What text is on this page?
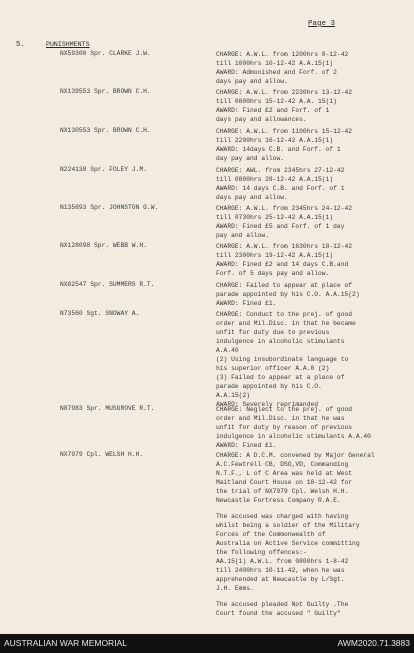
Page 3
5.	PUNISHMENTS
NX59300 Spr. CLARKE J.W.	CHARGE: A.W.L. from 1200hrs 8-12-42
till 1000hrs 10-12-42 A.A.15(1)
AWARD: Admonished and Forf. of 2
days pay and allow.
NX139553 Spr. BROWN C.H.	CHARGE: A.W.L. from 2230hrs 13-12-42
till 0800hrs 15-12-42 A.A. 15(1)
AWARD: Fined £2 and Forf. of 1
days pay and allowances.
NX130553 Spr. BROWN C.H.	CHARGE: A.W.L. from 1100hrs 15-12-42
till 2200hrs 16-12-42 A.A.15(1)
AWARD: 14days C.B. and Forf. of 1
day pay and allow.
N224138 Spr. FOLEY J.M.	CHARGE: AWL. from 2345hrs 27-12-42
till 0800hrs 28-12-42 A.A.15(1)
AWARD: 14 days C.B. and Forf. of 1
days pay and allow.
N135893 Spr. JOHNSTON G.W.	CHARGE: A.W.L. from 2345hrs 24-12-42
till 0730hrs 25-12-42 A.A.15(1)
AWARD: Fined £5 and Forf. of 1 day
pay and allow.
NX128098 Spr. WEBB W.H.	CHARGE: A.W.L. from 1630hrs 18-12-42
till 2300hrs 19-12-42 A.A.15(1)
AWARD: Fined £2 and 14 days C.B.and
Forf. of 5 days pay and allow.
NX82547 Spr. SUMMERS R.T.	CHARGE: Failed to appear at place of
parade appointed by his C.O. A.A.15(2)
AWARD: Fined £1.
N73560 Sgt. SNOWAY A.	CHARGE: Conduct to the prej. of good
order and Mil.Disc. in that he became
unfit for duty due to previous
indulgence in alcoholic stimulants
A.A.40
(2) Using insubordinate language to
his superior officer A.A.8 (2)
(3) Failed to appear at a place of
parade appointed by his C.O.
A.A.15(2)
AWARD: Severely reprimanded
N87983 Spr. MUSGROVE R.T.	CHARGE: Neglect to the prej. of good
order and Mil.Disc. in that he was
unfit for duty by reason of previous
indulgence in alcoholic stimulants A.A.40
AWARD: Fined £1.
NX7979 Cpl. WELSH H.H.	CHARGE: A D.C.M. convened by Major General
A.C.Fewtrell CB, DSO,VD, Commanding
N.T.F., L of C Area was held at West
Maitland Court House on 18-12-42 for
the trial of NX7979 Cpl. Welsh H.H.
Newcastle Fortress Company R.A.E.
The accused was charged with having
whilst being a soldier of the Military
Forces of the Commonwealth of
Australia on Active Service committing
the following offences:-
AA.15(1) A.W.L. from 0800hrs 1-8-42
till 2400hrs 10-11-42, when he was
apprehended at Newcastle by L/Sgt.
J.H. Emms.
The accused pleaded Not Guilty .The
Court found the accused " Guilty"
AUSTRALIAN WAR MEMORIAL	AWM2020.71.3883
